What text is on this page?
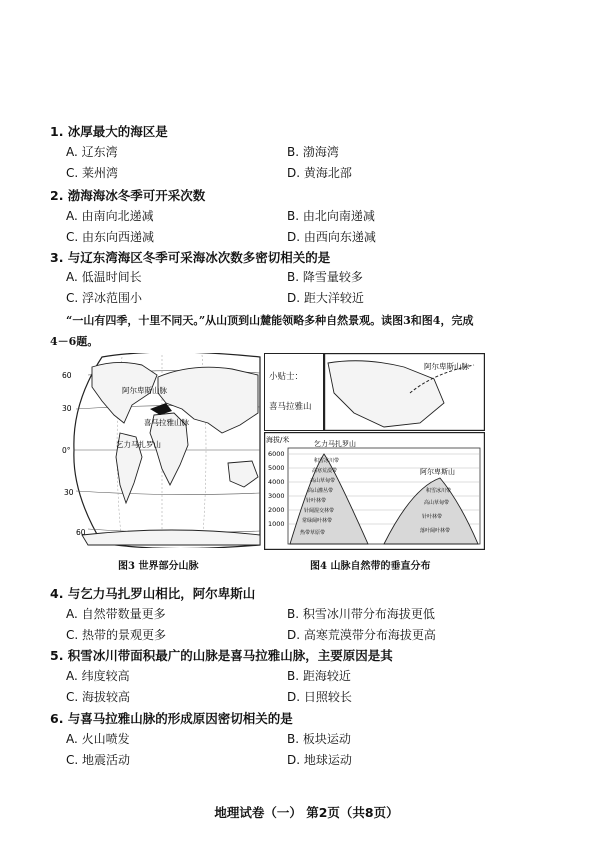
1. 冰厚最大的海区是
A. 辽东湾	B. 渤海湾
C. 莱州湾	D. 黄海北部
2. 渤海海冰冬季可开采次数
A. 由南向北递减	B. 由北向南递减
C. 由东向西递减	D. 由西向东递减
3. 与辽东湾海区冬季可采海冰次数多密切相关的是
A. 低温时间长	B. 降雪量较多
C. 浮冰范围小	D. 距大洋较近
“一山有四季，十里不同天。”从山顶到山麓能领略多种自然景观。读图3和图4，完成
4－6题。
60
30
0°
30
60
阿尔卑斯山脉
喜马拉雅山脉
乞力马扎罗山
小贴士：
喜马拉雅山
阿尔卑斯山脉
海拔/米
6000
5000
4000
3000
2000
1000
乞力马扎罗山
阿尔卑斯山
积雪冰川带
高寒荒漠带
高山草甸带
高山灌丛带
针叶林带
针阔混交林带
常绿阔叶林带
热带草原带
积雪冰川带
高山草甸带
针叶林带
落叶阔叶林带
图3 世界部分山脉	图4 山脉自然带的垂直分布
4. 与乞力马扎罗山相比，阿尔卑斯山
A. 自然带数量更多	B. 积雪冰川带分布海拔更低
C. 热带的景观更多	D. 高寒荒漠带分布海拔更高
5. 积雪冰川带面积最广的山脉是喜马拉雅山脉，主要原因是其
A. 纬度较高	B. 距海较近
C. 海拔较高	D. 日照较长
6. 与喜马拉雅山脉的形成原因密切相关的是
A. 火山喷发	B. 板块运动
C. 地震活动	D. 地球运动
地理试卷（一） 第2页（共8页）
